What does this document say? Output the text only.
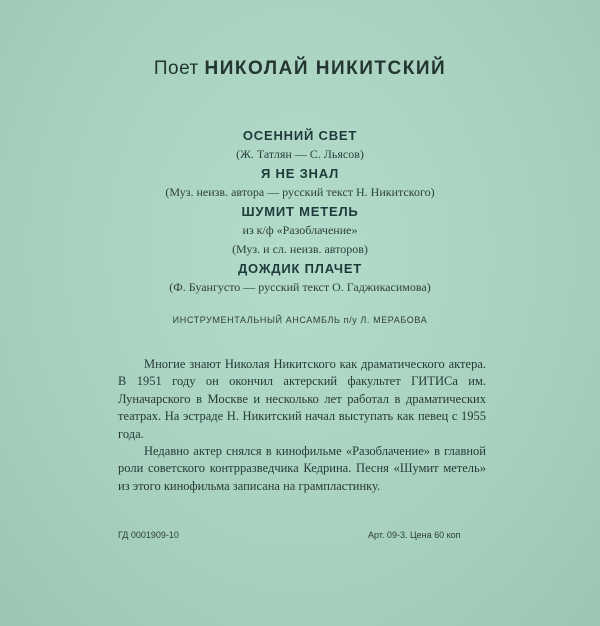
Поет НИКОЛАЙ НИКИТСКИЙ
ОСЕННИЙ СВЕТ
(Ж. Татлян — С. Льясов)
Я НЕ ЗНАЛ
(Муз. неизв. автора — русский текст Н. Никитского)
ШУМИТ МЕТЕЛЬ
из к/ф «Разоблачение»
(Муз. и сл. неизв. авторов)
ДОЖДИК ПЛАЧЕТ
(Ф. Буангусто — русский текст О. Гаджикасимова)
ИНСТРУМЕНТАЛЬНЫЙ АНСАМБЛЬ п/у Л. МЕРАБОВА

Многие знают Николая Никитского как драматического актера. В 1951 году он окончил актерский факультет ГИТИСа им. Луначарского в Москве и несколько лет работал в драматических театрах. На эстраде Н. Никитский начал выступать как певец с 1955 года.

Недавно актер снялся в кинофильме «Разоблачение» в главной роли советского контрразведчика Кедрина. Песня «Шумит метель» из этого кинофильма записана на грампластинку.

ГД 0001909-10	Арт. 09-3. Цена 60 коп
